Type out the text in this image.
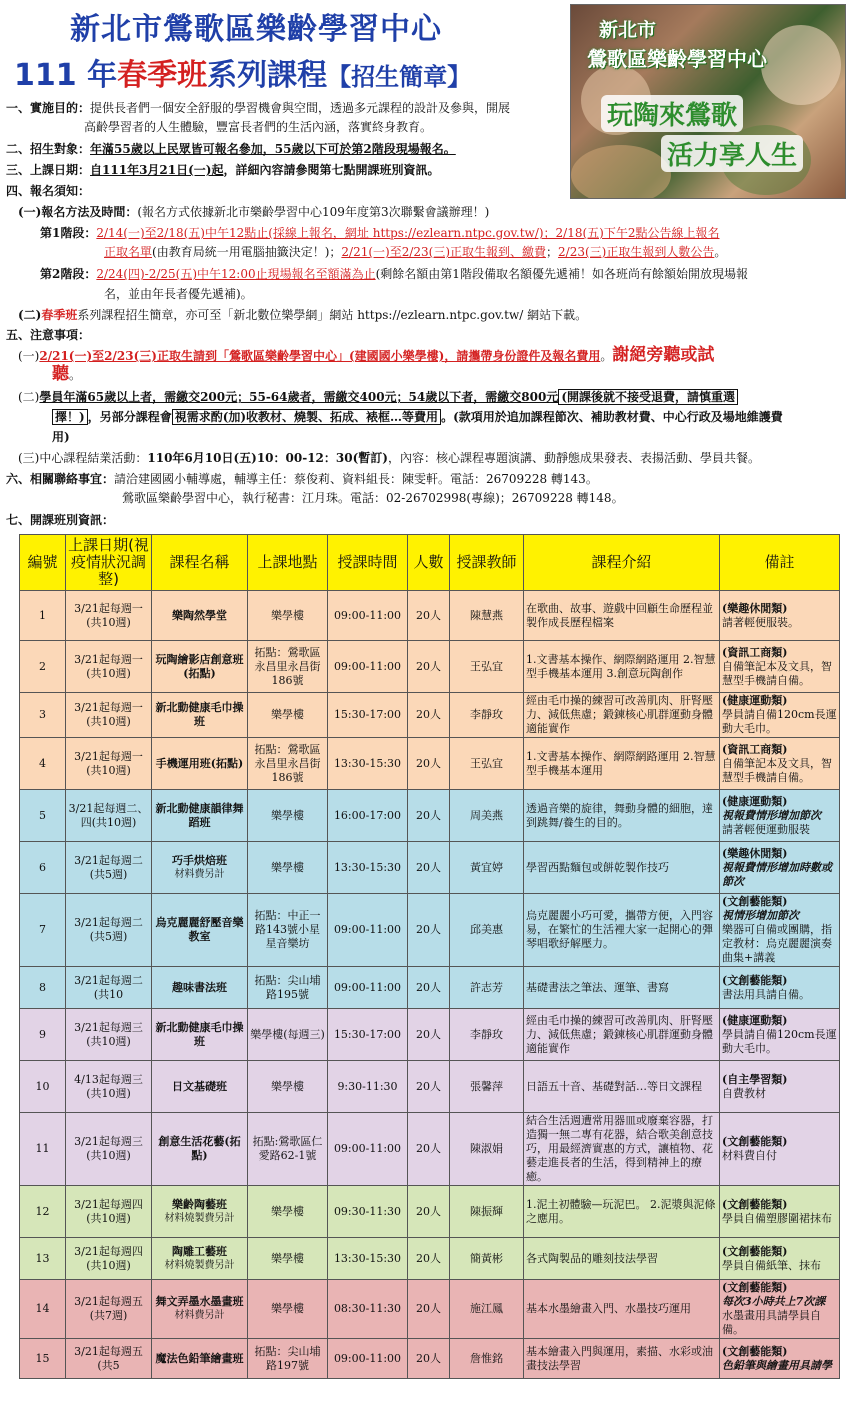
新北市鶯歌區樂齡學習中心
111 年春季班系列課程【招生簡章】
新北市
鶯歌區樂齡學習中心
玩陶來鶯歌
活力享人生
一、實施目的：提供長者們一個安全舒服的學習機會與空間，透過多元課程的設計及參與，開展
高齡學習者的人生體驗，豐富長者們的生活內涵，落實終身教育。
二、招生對象：年滿55歲以上民眾皆可報名參加，55歲以下可於第2階段現場報名。
三、上課日期：自111年3月21日(一)起，詳細內容請參閱第七點開課班別資訊。
四、報名須知：
(一)報名方法及時間：(報名方式依據新北市樂齡學習中心109年度第3次聯繫會議辦理！)
第1階段：2/14(一)至2/18(五)中午12點止(採線上報名，網址 https://ezlearn.ntpc.gov.tw/)；2/18(五)下午2點公告線上報名
正取名單(由教育局統一用電腦抽籤決定！)；2/21(一)至2/23(三)正取生報到、繳費；2/23(三)正取生報到人數公告。
第2階段：2/24(四)-2/25(五)中午12:00止現場報名至額滿為止(剩餘名額由第1階段備取名額優先遞補！如各班尚有餘額始開放現場報
名，並由年長者優先遞補)。
(二)春季班系列課程招生簡章，亦可至「新北數位樂學網」網站 https://ezlearn.ntpc.gov.tw/ 網站下載。
五、注意事項：
(一)2/21(一)至2/23(三)正取生請到「鶯歌區樂齡學習中心」(建國國小樂學樓)，請攜帶身份證件及報名費用。謝絕旁聽或試
聽。
(二)學員年滿65歲以上者，需繳交200元；55-64歲者，需繳交400元；54歲以下者，需繳交800元 (開課後就不接受退費，請慎重選
擇！) ，另部分課程會 視需求酌(加)收教材、燒製、拓成、裱框…等費用 。(款項用於追加課程節次、補助教材費、中心行政及場地維護費
用)
(三)中心課程結業活動：110年6月10日(五)10：00-12：30(暫訂)，內容：核心課程專題演講、動靜態成果發表、表揚活動、學員共餐。
六、相關聯絡事宜：請洽建國國小輔導處，輔導主任：蔡俊莉、資料組長：陳雯軒。電話：26709228 轉143。
鶯歌區樂齡學習中心，執行秘書：江月珠。電話：02-26702998(專線)；26709228 轉148。
七、開課班別資訊：
編號	上課日期(視疫情狀況調整)	課程名稱	上課地點	授課時間	人數	授課教師	課程介紹	備註
1	3/21起每週一(共10週)	樂陶然學堂	樂學樓	09:00-11:00	20人	陳慧燕	在歌曲、故事、遊戲中回顧生命歷程並製作成長歷程檔案	(樂趣休閒類)
請著輕便服裝。
2	3/21起每週一(共10週)	玩陶繪影店創意班(拓點)	拓點：鶯歌區永昌里永昌街186號	09:00-11:00	20人	王弘宜	1.文書基本操作、網際網路運用 2.智慧型手機基本運用 3.創意玩陶創作	(資訊工商類)
自備筆記本及文具，智慧型手機請自備。
3	3/21起每週一(共10週)	新北動健康毛巾操班	樂學樓	15:30-17:00	20人	李靜玫	經由毛巾操的練習可改善肌肉、肝腎壓力、減低焦慮；鍛鍊核心肌群運動身體適能實作	(健康運動類)
學員請自備120cm長運動大毛巾。
4	3/21起每週一(共10週)	手機運用班(拓點)	拓點：鶯歌區永昌里永昌街186號	13:30-15:30	20人	王弘宜	1.文書基本操作、網際網路運用 2.智慧型手機基本運用	(資訊工商類)
自備筆記本及文具，智慧型手機請自備。
5	3/21起每週二、四(共10週)	新北動健康韻律舞蹈班	樂學樓	16:00-17:00	20人	周美燕	透過音樂的旋律，舞動身體的細胞，達到跳舞/養生的目的。	(健康運動類)
視報費情形增加節次
請著輕便運動服裝
6	3/21起每週二(共5週)	巧手烘焙班
材料費另計	樂學樓	13:30-15:30	20人	黃宜婷	學習西點麵包或餅乾製作技巧	(樂趣休閒類)
視報費情形增加時數或節次

7	3/21起每週二(共5週)	烏克麗麗舒壓音樂教室	拓點：中正一路143號小星星音樂坊	09:00-11:00	20人	邱美惠	烏克麗麗小巧可愛，攜帶方便，入門容易，在繁忙的生活裡大家一起開心的彈琴唱歌紓解壓力。	(文創藝能類)
視情形增加節次
樂器可自備或團購，指定教材：烏克麗麗演奏曲集+講義
8	3/21起每週二(共10	趣味書法班	拓點：尖山埔路195號	09:00-11:00	20人	許志芳	基礎書法之筆法、運筆、書寫	(文創藝能類)
書法用具請自備。
9	3/21起每週三(共10週)	新北動健康毛巾操班	樂學樓(每週三)	15:30-17:00	20人	李靜玫	經由毛巾操的練習可改善肌肉、肝腎壓力、減低焦慮；鍛鍊核心肌群運動身體適能實作	(健康運動類)
學員請自備120cm長運動大毛巾。
10	4/13起每週三(共10週)	日文基礎班	樂學樓	9:30-11:30	20人	張馨萍	日語五十音、基礎對話…等日文課程	(自主學習類)
自費教材
11	3/21起每週三(共10週)	創意生活花藝(拓點)	拓點:鶯歌區仁愛路62-1號	09:00-11:00	20人	陳淑娟	結合生活週遭常用器皿或廢棄容器，打造獨一無二專有花器，結合歌美創意技巧，用最經濟實惠的方式，讓植物、花藝走進長者的生活，得到精神上的療癒。	(文創藝能類)
材料費自付
12	3/21起每週四(共10週)	樂齡陶藝班
材料燒製費另計	樂學樓	09:30-11:30	20人	陳振輝	1.泥土初體驗—玩泥巴。 2.泥漿與泥條之應用。	(文創藝能類)
學員自備塑膠圍裙抹布
13	3/21起每週四(共10週)	陶雕工藝班
材料燒製費另計	樂學樓	13:30-15:30	20人	簡黃彬	各式陶製品的雕刻技法學習	(文創藝能類)
學員自備紙筆、抹布
14	3/21起每週五(共7週)	舞文弄墨水墨畫班
材料費另計	樂學樓	08:30-11:30	20人	施江鳳	基本水墨繪畫入門、水墨技巧運用	(文創藝能類)
每次3小時共上7次課
水墨畫用具請學員自備。
15	3/21起每週五(共5	魔法色鉛筆繪畫班	拓點：尖山埔路197號	09:00-11:00	20人	詹惟銘	基本繪畫入門與運用，素描、水彩或油畫技法學習	(文創藝能類)
色鉛筆與繪畫用具請學
